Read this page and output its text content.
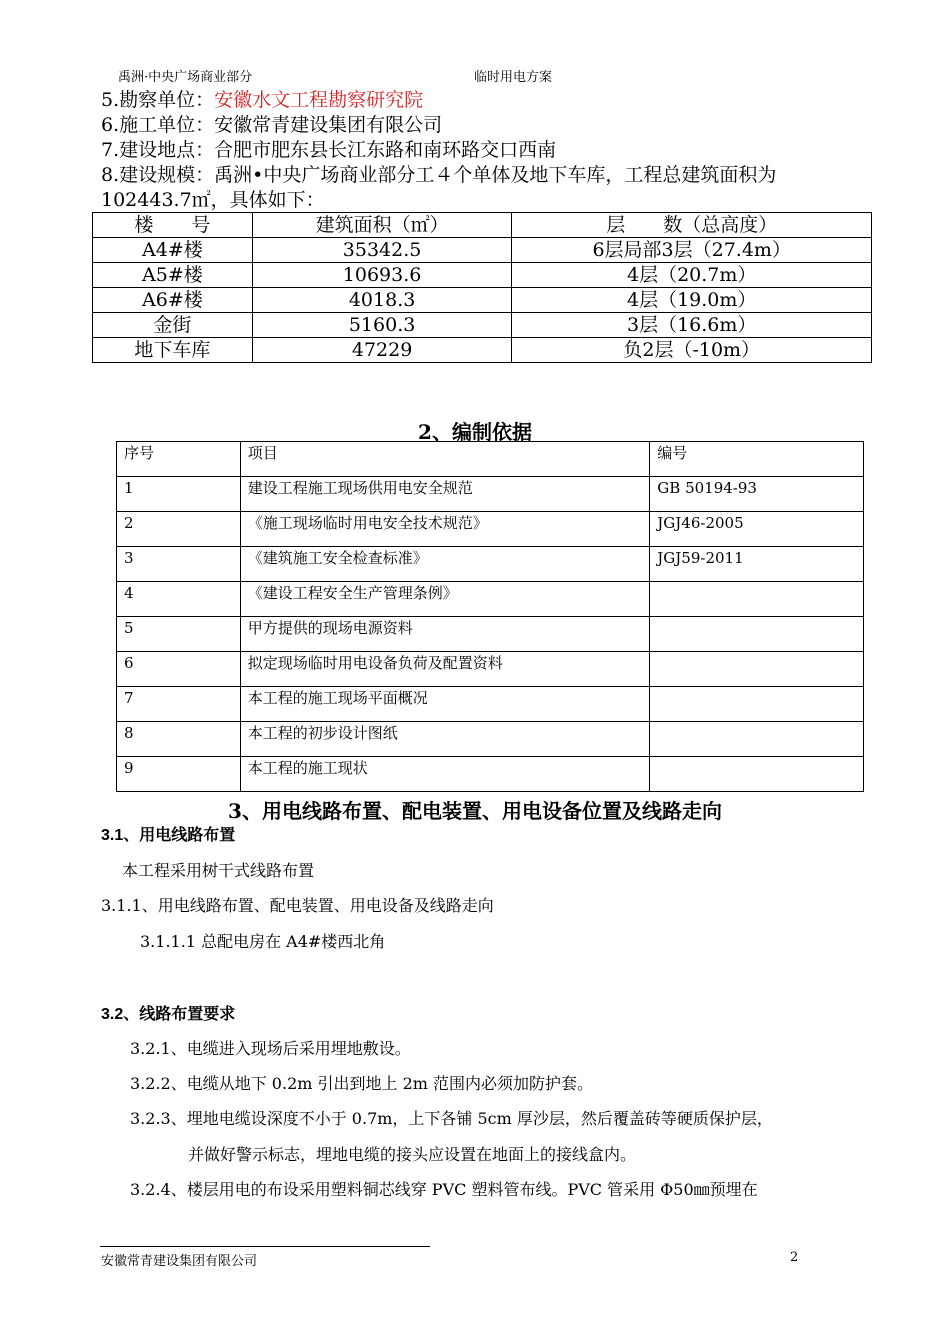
禹洲·中央广场商业部分	临时用电方案
5.勘察单位：安徽水文工程勘察研究院
6.施工单位：安徽常青建设集团有限公司
7.建设地点：合肥市肥东县长江东路和南环路交口西南
8.建设规模：禹洲•中央广场商业部分工４个单体及地下车库，工程总建筑面积为
102443.7㎡，具体如下：
楼　　号	建筑面积（㎡）	层　　数（总高度）
A4#楼	35342.5	6层局部3层（27.4m）
A5#楼	10693.6	4层（20.7m）
A6#楼	4018.3	4层（19.0m）
金街	5160.3	3层（16.6m）
地下车库	47229	负2层（-10m）
2、编制依据
序号	项目	编号
1	建设工程施工现场供用电安全规范	GB 50194-93
2	《施工现场临时用电安全技术规范》	JGJ46-2005
3	《建筑施工安全检查标准》	JGJ59-2011
4	《建设工程安全生产管理条例》	
5	甲方提供的现场电源资料	
6	拟定现场临时用电设备负荷及配置资料	
7	本工程的施工现场平面概况	
8	本工程的初步设计图纸	
9	本工程的施工现状	
3、用电线路布置、配电装置、用电设备位置及线路走向
3.1、用电线路布置
本工程采用树干式线路布置
3.1.1、用电线路布置、配电装置、用电设备及线路走向
3.1.1.1 总配电房在 A4#楼西北角
3.2、线路布置要求
3.2.1、电缆进入现场后采用埋地敷设。
3.2.2、电缆从地下 0.2m 引出到地上 2m 范围内必须加防护套。
3.2.3、埋地电缆设深度不小于 0.7m，上下各铺 5cm 厚沙层，然后覆盖砖等硬质保护层，
并做好警示标志，埋地电缆的接头应设置在地面上的接线盒内。
3.2.4、楼层用电的布设采用塑料铜芯线穿 PVC 塑料管布线。PVC 管采用 Φ50㎜预埋在
安徽常青建设集团有限公司	2
